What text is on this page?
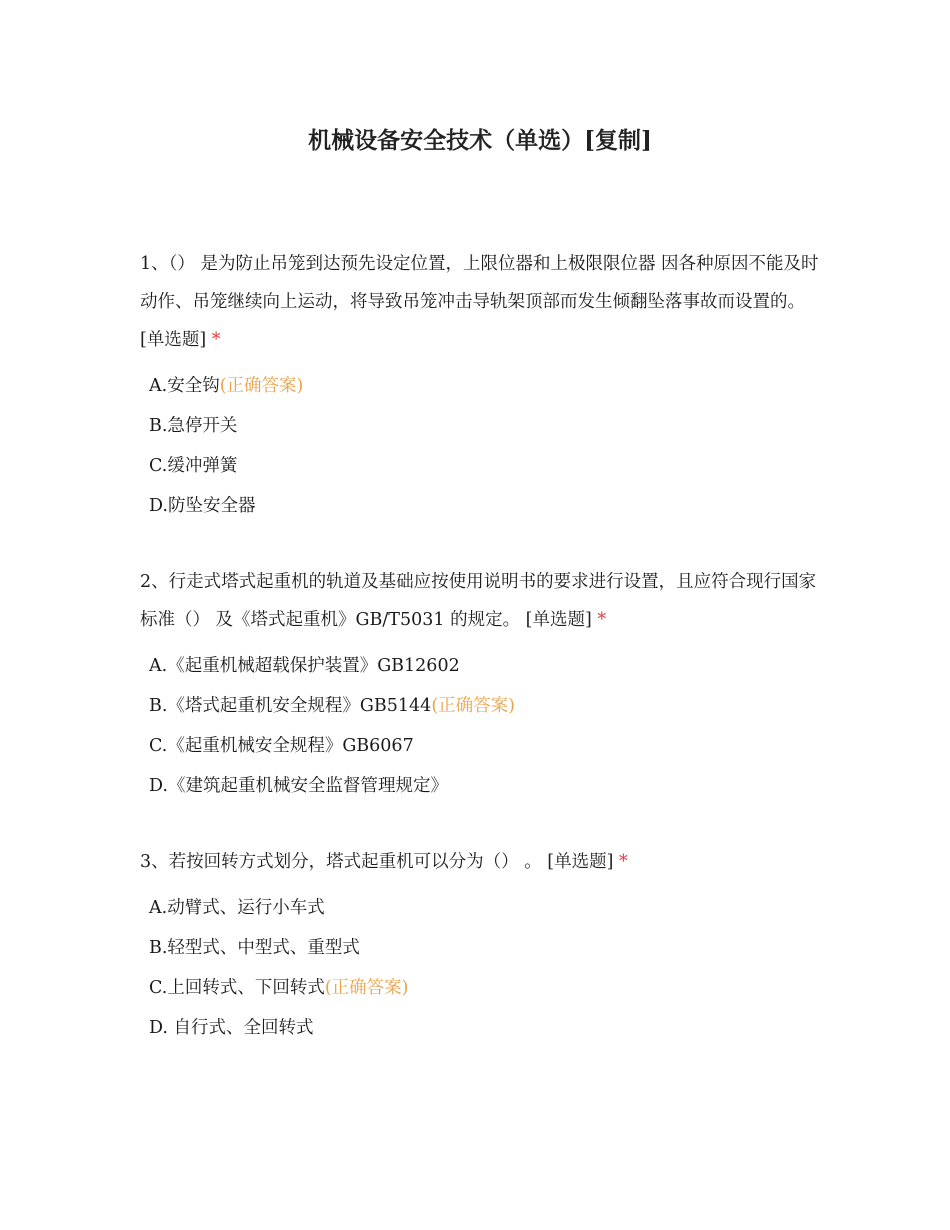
机械设备安全技术（单选）[复制]

1、（） 是为防止吊笼到达预先设定位置，上限位器和上极限限位器 因各种原因不能及时动作、吊笼继续向上运动，将导致吊笼冲击导轨架顶部而发生倾翻坠落事故而设置的。 [单选题] *

A.安全钩(正确答案)
B.急停开关
C.缓冲弹簧
D.防坠安全器

2、行走式塔式起重机的轨道及基础应按使用说明书的要求进行设置，且应符合现行国家标准（） 及《塔式起重机》GB/T5031 的规定。 [单选题] *

A.《起重机械超载保护装置》GB12602
B.《塔式起重机安全规程》GB5144(正确答案)
C.《起重机械安全规程》GB6067
D.《建筑起重机械安全监督管理规定》

3、若按回转方式划分，塔式起重机可以分为（） 。 [单选题] *

A.动臂式、运行小车式
B.轻型式、中型式、重型式
C.上回转式、下回转式(正确答案)
D. 自行式、全回转式
